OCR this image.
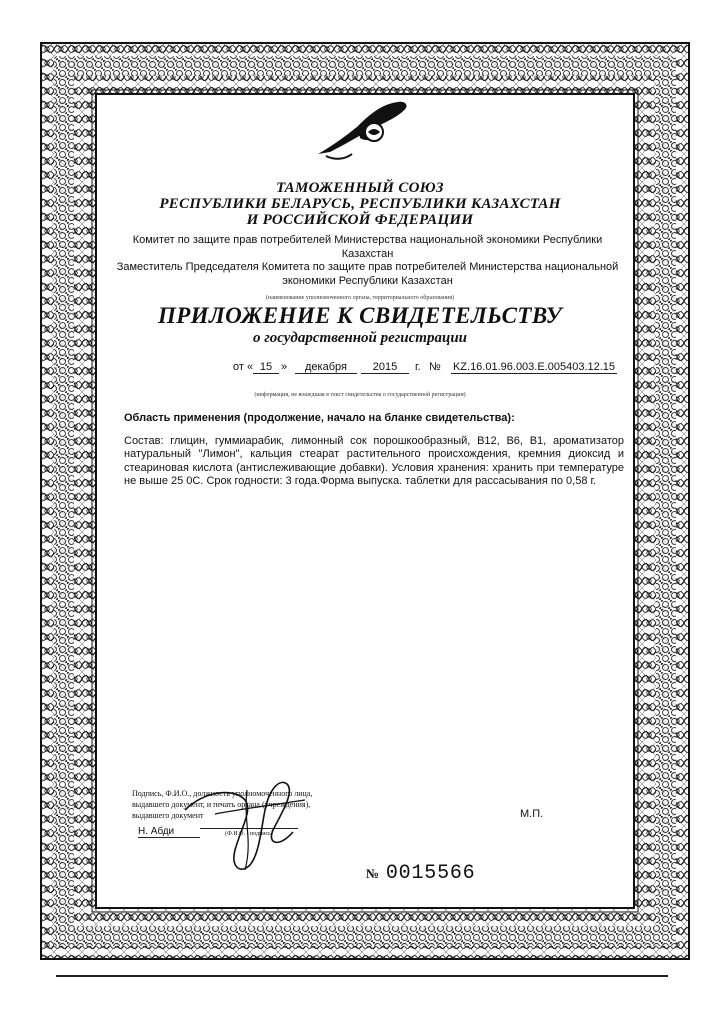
ТАМОЖЕННЫЙ СОЮЗ
РЕСПУБЛИКИ БЕЛАРУСЬ, РЕСПУБЛИКИ КАЗАХСТАН
И РОССИЙСКОЙ ФЕДЕРАЦИИ
Комитет по защите прав потребителей Министерства национальной экономики Республики
Казахстан
Заместитель Председателя Комитета по защите прав потребителей Министерства национальной
экономики Республики Казахстан
(наименование уполномоченного органа, территориального образования)
ПРИЛОЖЕНИЕ К СВИДЕТЕЛЬСТВУ
о государственной регистрации
от « 15 »	декабря	2015	г. № KZ.16.01.96.003.Е.005403.12.15
(информация, не вошедшая в текст свидетельства о государственной регистрации)
Область применения (продолжение, начало на бланке свидетельства):
Состав: глицин, гуммиарабик, лимонный сок порошкообразный, В12, В6, В1, ароматизатор натуральный "Лимон", кальция стеарат растительного происхождения, кремния диоксид и стеариновая кислота (антислеживающие добавки). Условия хранения: хранить при температуре не выше 25 0С. Срок годности: 3 года.Форма выпуска. таблетки для рассасывания по 0,58 г.
Подпись, Ф.И.О., должность уполномоченного лица,
выдавшего документ, и печать органа (учреждения),
выдавшего документ
Н. Абди	(Ф.И.О. - подпись)
М.П.
№ 0015566
